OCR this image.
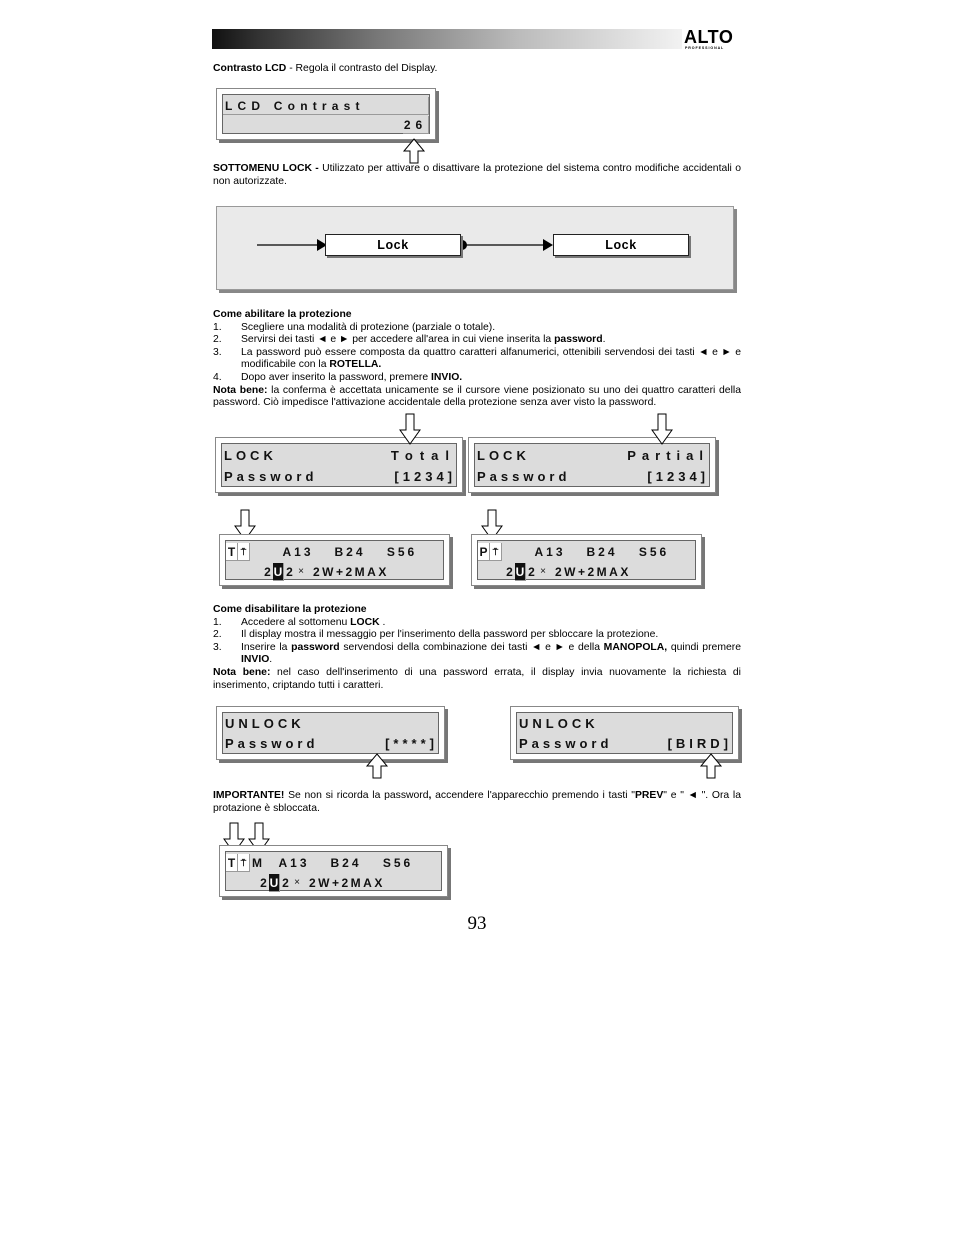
ALTO
PROFESSIONAL
Contrasto LCD - Regola il contrasto del Display.
LCD Contrast
26
SOTTOMENU LOCK - Utilizzato per attivare o disattivare la protezione del sistema contro modifiche accidentali o non autorizzate.
Lock	Lock
Come abilitare la protezione
1. Scegliere una modalità di protezione (parziale o totale).
2. Servirsi dei tasti ◄ e ► per accedere all'area in cui viene inserita la password.
3. La password può essere composta da quattro caratteri alfanumerici, ottenibili servendosi dei tasti ◄ e ► e modificabile con la ROTELLA.
4. Dopo aver inserito la password, premere INVIO.
Nota bene: la conferma è accettata unicamente se il cursore viene posizionato su uno dei quattro caratteri della password. Ciò impedisce l'attivazione accidentale della protezione senza aver visto la password.
LOCK	Total
Password	[1234]
LOCK	Partial
Password	[1234]
T ⍑	A13	B24	S56
2 U 2 × 2W+2MAX
P ⍑	A13	B24	S56
2 U 2 × 2W+2MAX
Come disabilitare la protezione
1. Accedere al sottomenu LOCK .
2. Il display mostra il messaggio per l'inserimento della password per sbloccare la protezione.
3. Inserire la password servendosi della combinazione dei tasti ◄ e ► e della MANOPOLA, quindi premere INVIO.
Nota bene: nel caso dell'inserimento di una password errata, il display invia nuovamente la richiesta di inserimento, criptando tutti i caratteri.
UNLOCK
Password	[****]
UNLOCK
Password	[BIRD]
IMPORTANTE! Se non si ricorda la password, accendere l'apparecchio premendo i tasti "PREV" e " ◄ ". Ora la protazione è sbloccata.
T ⍑ M	A13	B24	S56
2 U 2 × 2W+2MAX
93
